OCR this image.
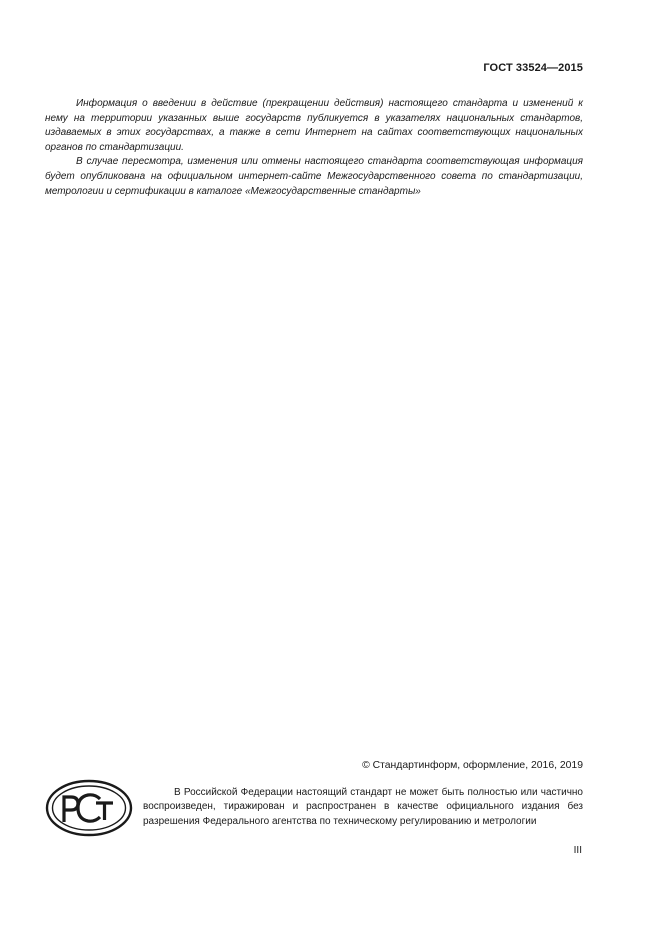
ГОСТ 33524—2015

Информация о введении в действие (прекращении действия) настоящего стандарта и изменений к нему на территории указанных выше государств публикуется в указателях национальных стандартов, издаваемых в этих государствах, а также в сети Интернет на сайтах соответствующих национальных органов по стандартизации.

В случае пересмотра, изменения или отмены настоящего стандарта соответствующая информация будет опубликована на официальном интернет-сайте Межгосударственного совета по стандартизации, метрологии и сертификации в каталоге «Межгосударственные стандарты»

© Стандартинформ, оформление, 2016, 2019
В Российской Федерации настоящий стандарт не может быть полностью или частично воспроизведен, тиражирован и распространен в качестве официального издания без разрешения Федерального агентства по техническому регулированию и метрологии
III
